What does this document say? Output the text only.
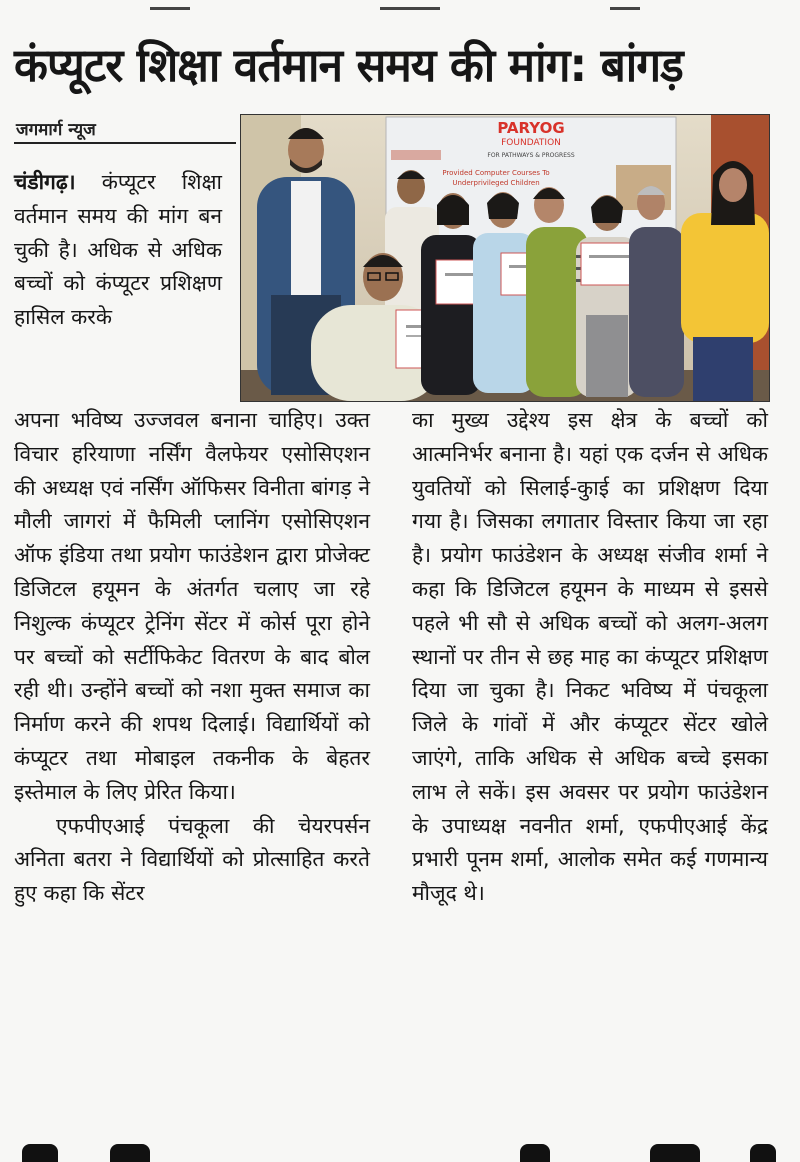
कंप्यूटर शिक्षा वर्तमान समय की मांग: बांगड़
जगमार्ग न्यूज	PARYOG
FOUNDATION
FOR PATHWAYS & PROGRESS
Provided Computer Courses To
Underprivileged Children

चंडीगढ़। कंप्यूटर शिक्षा वर्तमान समय की मांग बन चुकी है। अधिक से अधिक बच्चों को कंप्यूटर प्रशिक्षण हासिल करके

अपना भविष्य उज्जवल बनाना चाहिए। उक्त विचार हरियाणा नर्सिंग वैलफेयर एसोसिएशन की अध्यक्ष एवं नर्सिंग ऑफिसर विनीता बांगड़ ने मौली जागरां में फैमिली प्लानिंग एसोसिएशन ऑफ इंडिया तथा प्रयोग फाउंडेशन द्वारा प्रोजेक्ट डिजिटल हयूमन के अंतर्गत चलाए जा रहे निशुल्क कंप्यूटर ट्रेनिंग सेंटर में कोर्स पूरा होने पर बच्चों को सर्टीफिकेट वितरण के बाद बोल रही थी। उन्होंने बच्चों को नशा मुक्त समाज का निर्माण करने की शपथ दिलाई। विद्यार्थियों को कंप्यूटर तथा मोबाइल तकनीक के बेहतर इस्तेमाल के लिए प्रेरित किया।

एफपीएआई पंचकूला की चेयरपर्सन अनिता बतरा ने विद्यार्थियों को प्रोत्साहित करते हुए कहा कि सेंटर

का मुख्य उद्देश्य इस क्षेत्र के बच्चों को आत्मनिर्भर बनाना है। यहां एक दर्जन से अधिक युवतियों को सिलाई-कुाई का प्रशिक्षण दिया गया है। जिसका लगातार विस्तार किया जा रहा है। प्रयोग फाउंडेशन के अध्यक्ष संजीव शर्मा ने कहा कि डिजिटल हयूमन के माध्यम से इससे पहले भी सौ से अधिक बच्चों को अलग-अलग स्थानों पर तीन से छह माह का कंप्यूटर प्रशिक्षण दिया जा चुका है। निकट भविष्य में पंचकूला जिले के गांवों में और कंप्यूटर सेंटर खोले जाएंगे, ताकि अधिक से अधिक बच्चे इसका लाभ ले सकें। इस अवसर पर प्रयोग फाउंडेशन के उपाध्यक्ष नवनीत शर्मा, एफपीएआई केंद्र प्रभारी पूनम शर्मा, आलोक समेत कई गणमान्य मौजूद थे।
